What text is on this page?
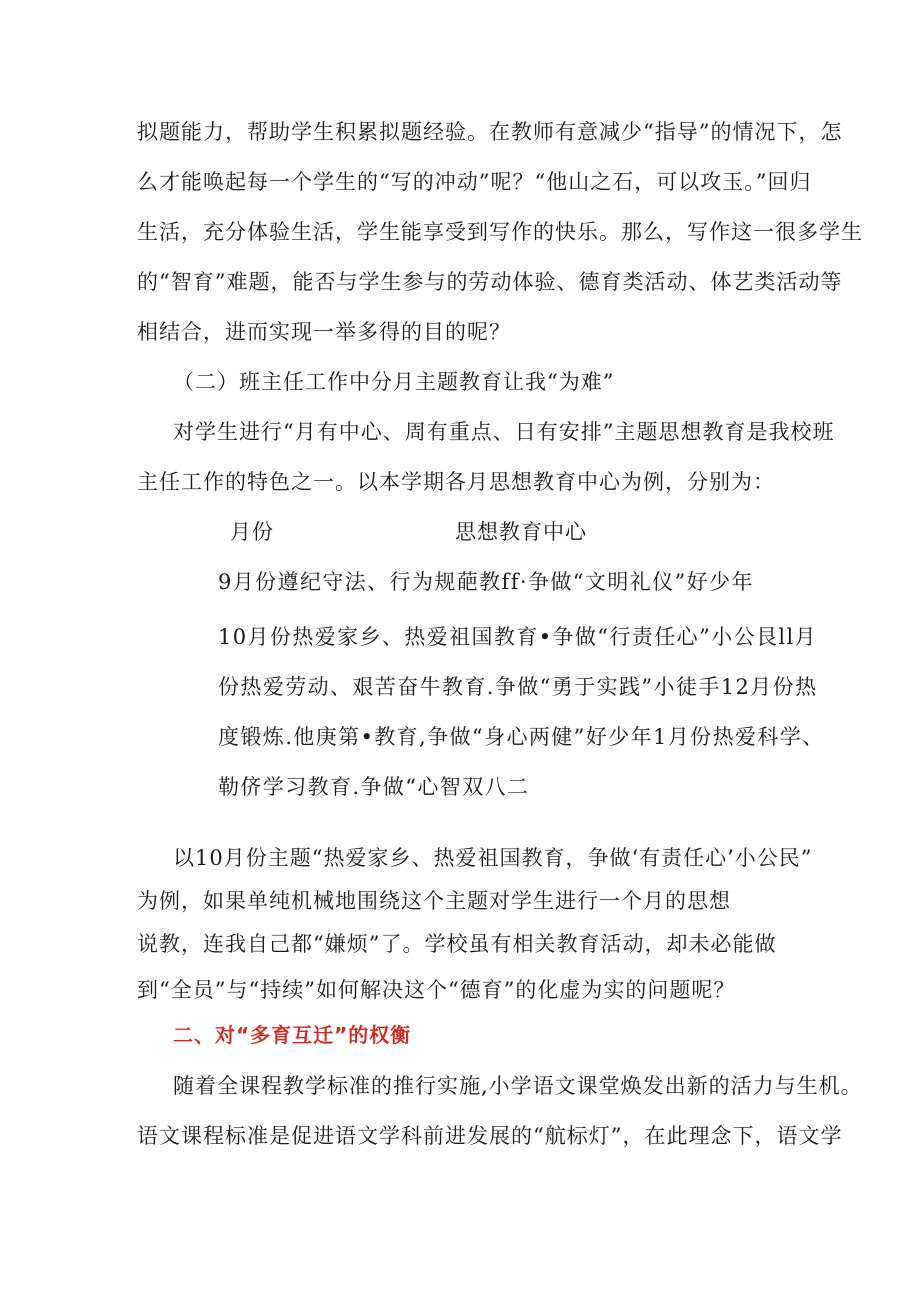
拟题能力，帮助学生积累拟题经验。在教师有意减少“指导”的情况下，怎
么才能唤起每一个学生的“写的冲动”呢？“他山之石，可以攻玉。”回归
生活，充分体验生活，学生能享受到写作的快乐。那么，写作这一很多学生
的“智育”难题，能否与学生参与的劳动体验、德育类活动、体艺类活动等
相结合，进而实现一举多得的目的呢？
（二）班主任工作中分月主题教育让我“为难”
对学生进行“月有中心、周有重点、日有安排”主题思想教育是我校班
主任工作的特色之一。以本学期各月思想教育中心为例，分别为：
月份	思想教育中心
9月份遵纪守法、行为规葩教ff·争做“文明礼仪”好少年
10月份热爱家乡、热爱祖国教育•争做“行责任心”小公艮ll月
份热爱劳动、艰苦奋牛教育.争做“勇于实践”小徒手12月份热
度锻炼.他庚第•教育,争做“身心两健”好少年1月份热爱科学、
勒侪学习教育.争做“心智双八二
以10月份主题“热爱家乡、热爱祖国教育，争做‘有责任心’小公民”
为例，如果单纯机械地围绕这个主题对学生进行一个月的思想
说教，连我自己都“嫌烦”了。学校虽有相关教育活动，却未必能做
到“全员”与“持续”如何解决这个“德育”的化虚为实的问题呢？
二、对“多育互迁”的权衡
随着全课程教学标准的推行实施,小学语文课堂焕发出新的活力与生机。
语文课程标准是促进语文学科前进发展的“航标灯”，在此理念下，语文学
